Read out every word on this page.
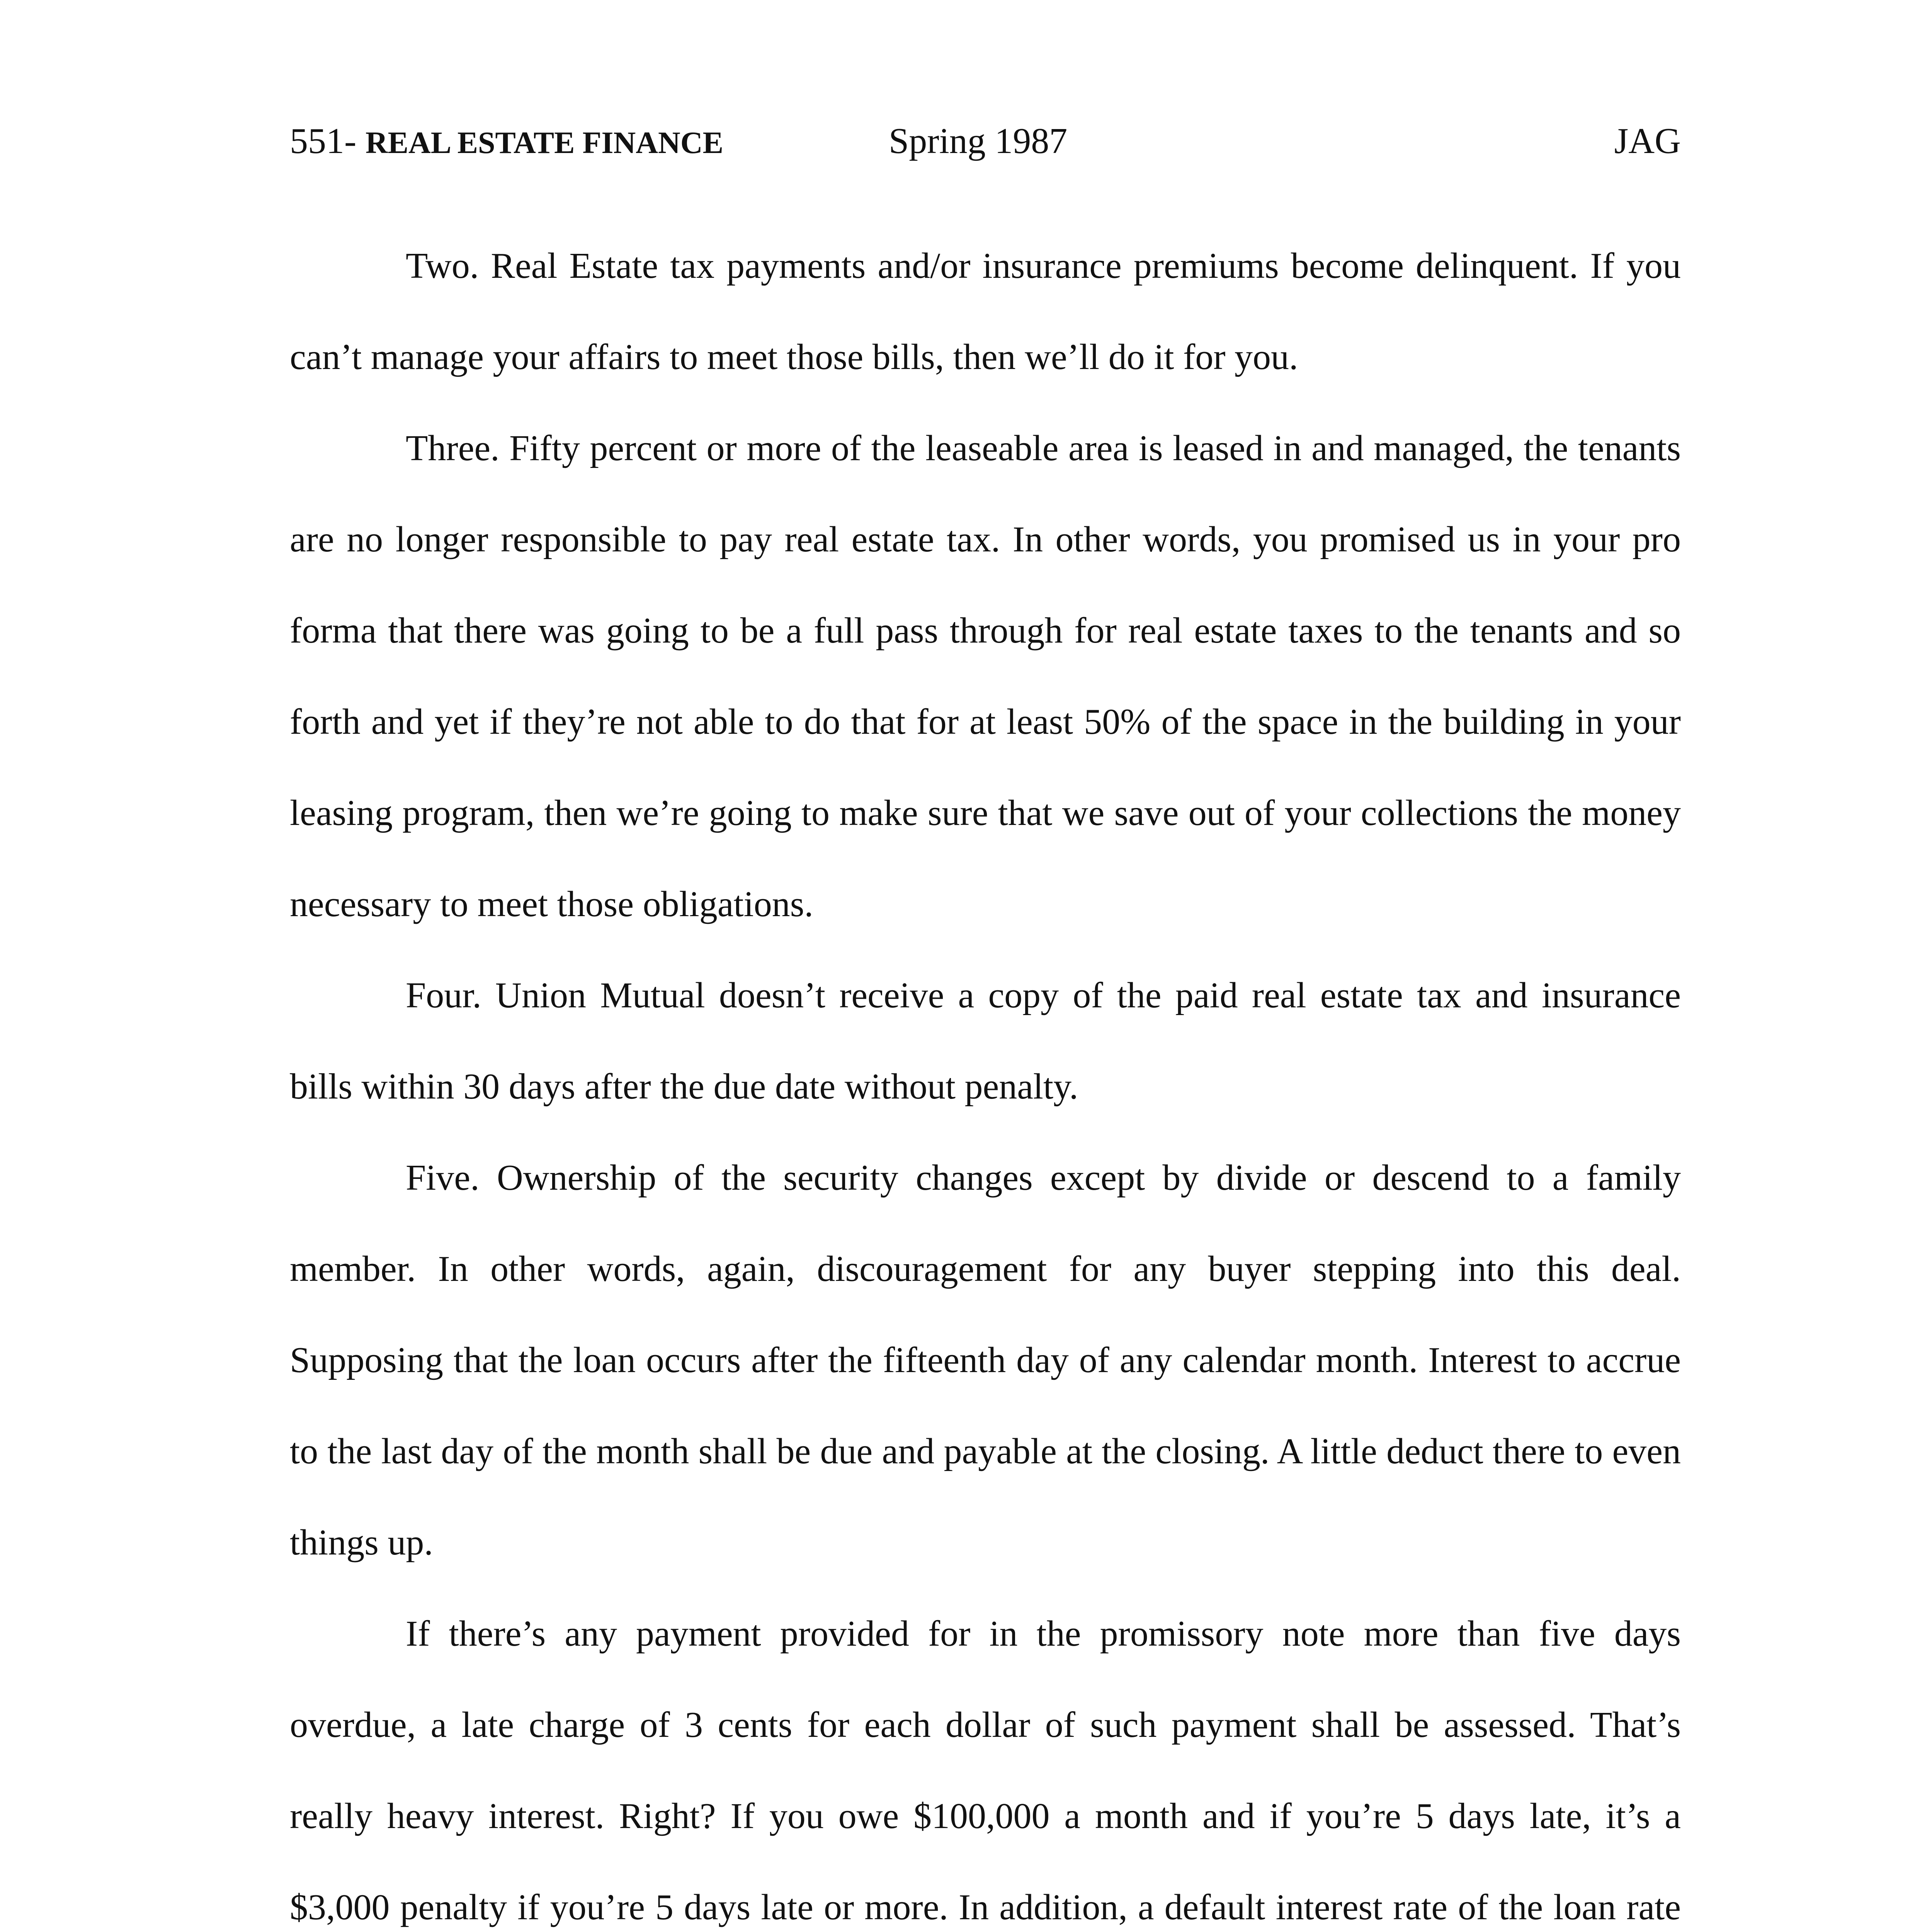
551- REAL ESTATE FINANCE	Spring 1987	JAG

Two. Real Estate tax payments and/or insurance premiums become delinquent. If you can’t manage your affairs to meet those bills, then we’ll do it for you.

Three. Fifty percent or more of the leaseable area is leased in and managed, the tenants are no longer responsible to pay real estate tax. In other words, you promised us in your pro forma that there was going to be a full pass through for real estate taxes to the tenants and so forth and yet if they’re not able to do that for at least 50% of the space in the building in your leasing program, then we’re going to make sure that we save out of your collections the money necessary to meet those obligations.

Four. Union Mutual doesn’t receive a copy of the paid real estate tax and insurance bills within 30 days after the due date without penalty.

Five. Ownership of the security changes except by divide or descend to a family member. In other words, again, discouragement for any buyer stepping into this deal. Supposing that the loan occurs after the fifteenth day of any calendar month. Interest to accrue to the last day of the month shall be due and payable at the closing. A little deduct there to even things up.

If there’s any payment provided for in the promissory note more than five days overdue, a late charge of 3 cents for each dollar of such payment shall be assessed. That’s really heavy interest. Right? If you owe $100,000 a month and if you’re 5 days late, it’s a $3,000 penalty if you’re 5 days late or more. In addition, a default interest rate of the loan rate
